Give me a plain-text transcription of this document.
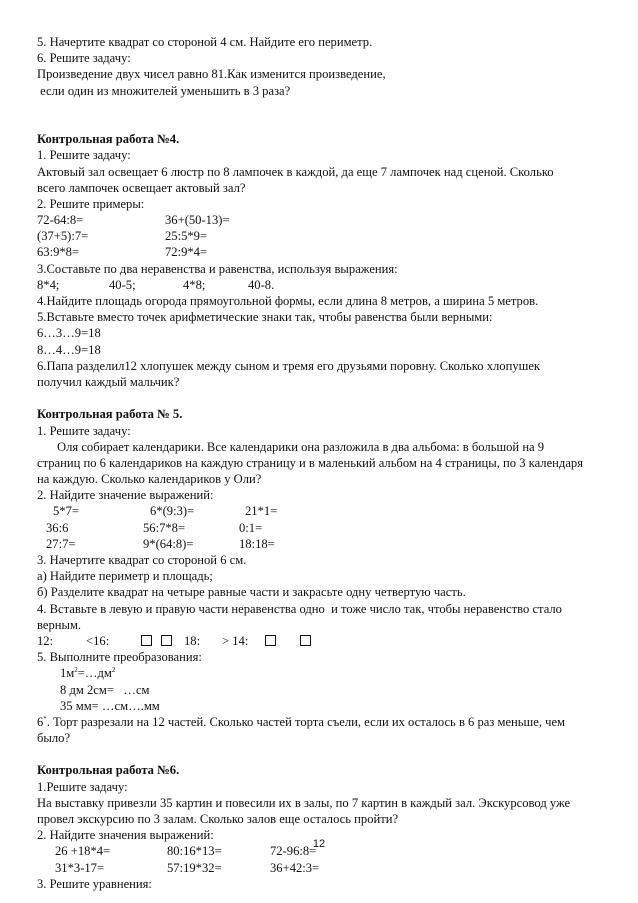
5. Начертите квадрат со стороной 4 см. Найдите его периметр.
6. Решите задачу:
Произведение двух чисел равно 81.Как изменится произведение,
если один из множителей уменьшить в 3 раза?
Контрольная работа №4.
1. Решите задачу:
Актовый зал освещает 6 люстр по 8 лампочек в каждой, да еще 7 лампочек над сценой. Сколько
всего лампочек освещает актовый зал?
2. Решите примеры:
72-64:8=	36+(50-13)=
(37+5):7=	25:5*9=
63:9*8=	72:9*4=
3.Составьте по два неравенства и равенства, используя выражения:
8*4;	40-5;	4*8;	40-8.
4.Найдите площадь огорода прямоугольной формы, если длина 8 метров, а ширина 5 метров.
5.Вставьте вместо точек арифметические знаки так, чтобы равенства были верными:
6…3…9=18
8…4…9=18
6.Папа разделил12 хлопушек между сыном и тремя его друзьями поровну. Сколько хлопушек
получил каждый мальчик?
Контрольная работа № 5.
1. Решите задачу:
Оля собирает календарики. Все календарики она разложила в два альбома: в большой на 9
страниц по 6 календариков на каждую страницу и в маленький альбом на 4 страницы, по 3 календаря
на каждую. Сколько календариков у Оли?
2. Найдите значение выражений:
5*7=	6*(9:3)=	21*1=
36:6	56:7*8=	0:1=
27:7=	9*(64:8)=	18:18=
3. Начертите квадрат со стороной 6 см.
а) Найдите периметр и площадь;
б) Разделите квадрат на четыре равные части и закрасьте одну четвертую часть.
4. Вставьте в левую и правую части неравенства одно  и тоже число так, чтобы неравенство стало
верным.
12:	<16:	18: > 14:
5. Выполните преобразования:
$1м^2=\dots дм^2$
8 дм 2см=   …см
35 мм= …см….мм
6*. Торт разрезали на 12 частей. Сколько частей торта съели, если их осталось в 6 раз меньше, чем
было?
Контрольная работа №6.
1.Решите задачу:
На выставку привезли 35 картин и повесили их в залы, по 7 картин в каждый зал. Экскурсовод уже
провел экскурсию по 3 залам. Сколько залов еще осталось пройти?
2. Найдите значения выражений:
26 +18*4=	80:16*13=	72-96:8=
31*3-17=	57:19*32=	36+42:3=
3. Решите уравнения:
12
